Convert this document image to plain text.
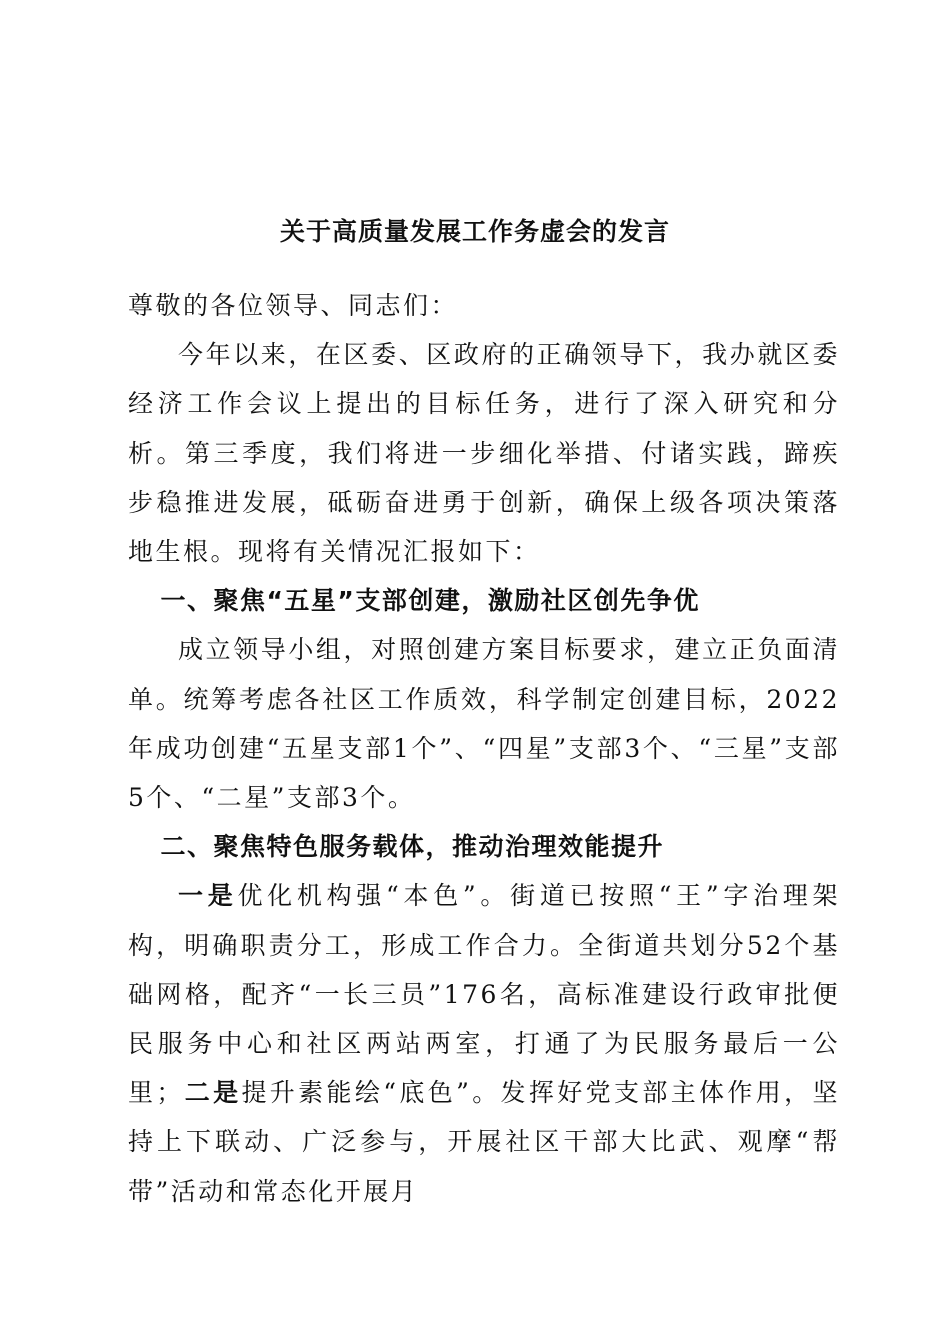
关于高质量发展工作务虚会的发言

尊敬的各位领导、同志们：

今年以来，在区委、区政府的正确领导下，我办就区委经济工作会议上提出的目标任务，进行了深入研究和分析。第三季度，我们将进一步细化举措、付诸实践，蹄疾步稳推进发展，砥砺奋进勇于创新，确保上级各项决策落地生根。现将有关情况汇报如下：

一、聚焦“五星”支部创建，激励社区创先争优

成立领导小组，对照创建方案目标要求，建立正负面清单。统筹考虑各社区工作质效，科学制定创建目标，2022年成功创建“五星支部1个”、“四星”支部3个、“三星”支部5个、“二星”支部3个。

二、聚焦特色服务载体，推动治理效能提升

一是优化机构强“本色”。街道已按照“王”字治理架构，明确职责分工，形成工作合力。全街道共划分52个基础网格，配齐“一长三员”176名，高标准建设行政审批便民服务中心和社区两站两室，打通了为民服务最后一公里；二是提升素能绘“底色”。发挥好党支部主体作用，坚持上下联动、广泛参与，开展社区干部大比武、观摩“帮带”活动和常态化开展月
